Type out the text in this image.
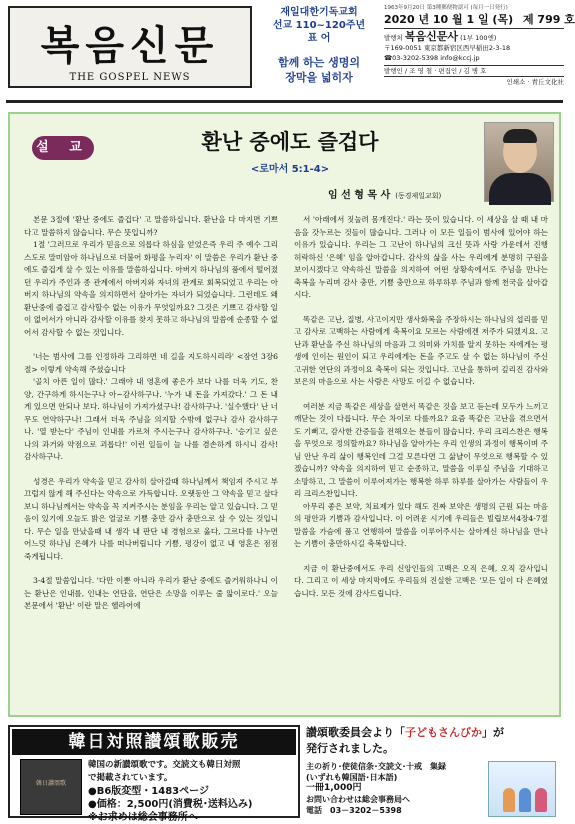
복음신문
THE GOSPEL NEWS
재일대한기독교회
선교 110~120주년
표 어
함께 하는 생명의
장막을 넓히자
1963年9月20日 第3種郵便物認可 (毎月一日発行)
2020 년 10 월 1 일 (목) 제 799 호
발행처 복음신문사 (1부 100엔)
〒169-0051 東京都新宿区西早稲田2-3-18
☎03-3202-5398 info@kccj.jp
발행인 / 조 영 철 · 편집인 / 김 병 호
인쇄소 · 青丘文化社
설 교	환난 중에도 즐겁다
<로마서 5:1-4>
임 선 형 목 사 (동경제일교회)

본문 3절에 '환난 중에도 즐겁다' 고 말씀하십니다. 환난을 다 마지면 기쁘다고 말씀하지 않습니다. 무슨 뜻입니까?

1절 '그러므로 우리가 믿음으로 의롭다 하심을 얻었은즉 우리 주 예수 그리스도로 말미암아 하나님으로 더불어 화평을 누리자' 이 말씀은 우리가 환난 중에도 즐겁게 살 수 있는 이유를 말씀하십니다. 아버지 하나님의 품에서 떨어졌던 우리가 주인과 종 관계에서 아버지와 자녀의 관계로 회복되었고 우리는 아버지 하나님의 약속을 의지하면서 살아가는 자녀가 되었습니다. 그런데도 왜 환난중에 즐겁고 감사할수 없는 이유가 무엇일까요? 그것은 기쁘고 감사할 일이 없어서가 아니라 감사할 이유를 찾지 못하고 하나님의 말씀에 순종할 수 없어서 감사할 수 없는 것입니다.

'너는 범사에 그를 인정하라 그리하면 네 길을 지도하시리라' <잠언 3장6절> 이렇게 약속해 주셨습니다

'골치 아픈 일이 많다.' 그래야 내 영혼에 좋은가 보다 나를 더욱 기도, 찬양, 간구하게 하시는구나 아~감사하구나. '누가 내 돈을 가져갔다.' 그 돈 내게 있으면 안되나 보다. 하나님이 가져가셨구나! 감사하구나. '실수했다' 난 너무도 연약하구나! 그래서 더욱 주님을 의지할 수밖에 없구나 감사 감사하구나. '열 받는다' 주님이 인내를 가르쳐 주시는구나 감사하구나. '승기고 싶은 나의 과거와 약점으로 괴롭다!' 이런 일들이 늘 나를 겸손하게 하시니 감사! 감사하구나.

성경은 우리가 약속을 믿고 감사히 살아갈때 하나님께서 책임져 주시고 부끄럽지 않게 해 주신다는 약속으로 가득합니다. 오랫동안 그 약속을 믿고 살다보니 하나님께서는 약속을 꼭 지켜주시는 분임을 우리는 알고 있습니다. 그 믿음이 있기에 오늘도 밝은 얼굴로 기쁨 충만 감사 충만으로 살 수 있는 것입니다. 무슨 일을 만났을때 내 생각 내 판단 내 경험으로 옳다, 그르다를 나누면 어느덧 하나님 은혜가 나를 떠나버립니다 기쁨, 평강이 없고 내 영혼은 점점 죽게됩니다.

3-4절 말씀입니다. '다만 이뿐 아니라 우리가 환난 중에도 즐거워하나니 이는 환난은 인내를, 인내는 연단을, 연단은 소망을 이루는 줄 앎이로다.' 오늘 본문에서 '환난' 이란 말은 헬라어에

서 '아래에서 짓눌려 몸개진다.' 라는 뜻이 있습니다. 이 세상을 살 때 내 마음을 갓누르는 것들이 많습니다. 그러나 이 모든 일들이 범사에 있어야 하는 이유가 있습니다. 우리는 그 고난이 하나님의 크신 뜻과 사랑 가운데서 진행 허락하신 '은혜' 임을 알아갑니다. 감사의 삶을 사는 우리에게 분명히 구원을 보이시겠다고 약속하신 말씀을 의지하여 어떤 상황속에서도 주님을 만나는 축복을 누리며 감사 충만, 기쁨 충만으로 하루하루 주님과 함께 천국을 살아갑시다.

똑같은 고난, 질병, 사고이지만 생사화복을 주장하시는 하나님의 섭리를 믿고 감사로 고백하는 사람에게 축복이요 모르는 사람에겐 저주가 되겠지요. 고난과 환난을 주신 하나님의 마음과 그 의미와 가치를 알지 못하는 자에게는 평생에 인이는 원인이 되고 우리에게는 돈을 주고도 살 수 없는 하나님이 주신 고귀한 연단의 과정이요 축복이 되는 것입니다. 고난을 통하여 깊리진 감사와 보은의 마음으로 사는 사람은 사망도 이길 수 없습니다.

여러분 지금 똑같은 세상을 살면서 똑같은 것을 보고 듣는데 모두가 느끼고 깨닫는 것이 다릅니다. 무슨 차이로 다를까요? 요즘 똑같은 고난을 겪으면서도 기뻐고, 감사한 간증들을 전해오는 분들이 많습니다. 우리 크리스찬은 행복을 무엇으로 정의할까요? 하나님을 알아가는 우리 인생의 과정이 행복이며 주님 안난 우리 삶이 행복인데 그걸 모른다면 그 삶냘이 무엇으로 행복할 수 있겠습니까? 약속을 의지하여 믿고 순종하고, 말씀을 이루실 주님을 기대하고 소망하고, 그 말씀이 이루어져가는 행복한 하루 하루를 살아가는 사람들이 우리 크리스찬입니다.

아무리 좋은 보약, 치료제가 있다 해도 진짜 보약은 생명의 근원 되는 마음의 평안과 기쁨과 감사입니다. 이 어려운 시기에 우리들은 빌립보서4장4-7절 말씀을 가슴에 품고 연행하여 말씀을 이루어주시는 살아계신 하나님을 만나는 기쁨이 충만하시길 축복합니다.

지금 이 환난중에서도 우리 신앙인들의 고백은 오직 은혜, 오직 감사입니다. 그리고 이 세상 마지막에도 우리들의 진실한 고백은 '모든 일이 다 은혜였습니다. 모든 것에 감사드립니다.

韓日対照讃頌歌販売
韓日讃頌歌
韓国の新讃頌歌です。交読文も韓日対照
で掲載されています。
●B6版変型・1483ページ
●価格：2,500円(消費税･送料込み)
※お求めは総会事務所へ
讃頌歌委員会より「子どもさんびか」が
発行されました。
主の祈り･使徒信条･交読文･十戒　集録
(いずれも韓国語･日本語)
一冊1,000円
お問い合わせは総会事務局へ
電話　03－3202－5398
